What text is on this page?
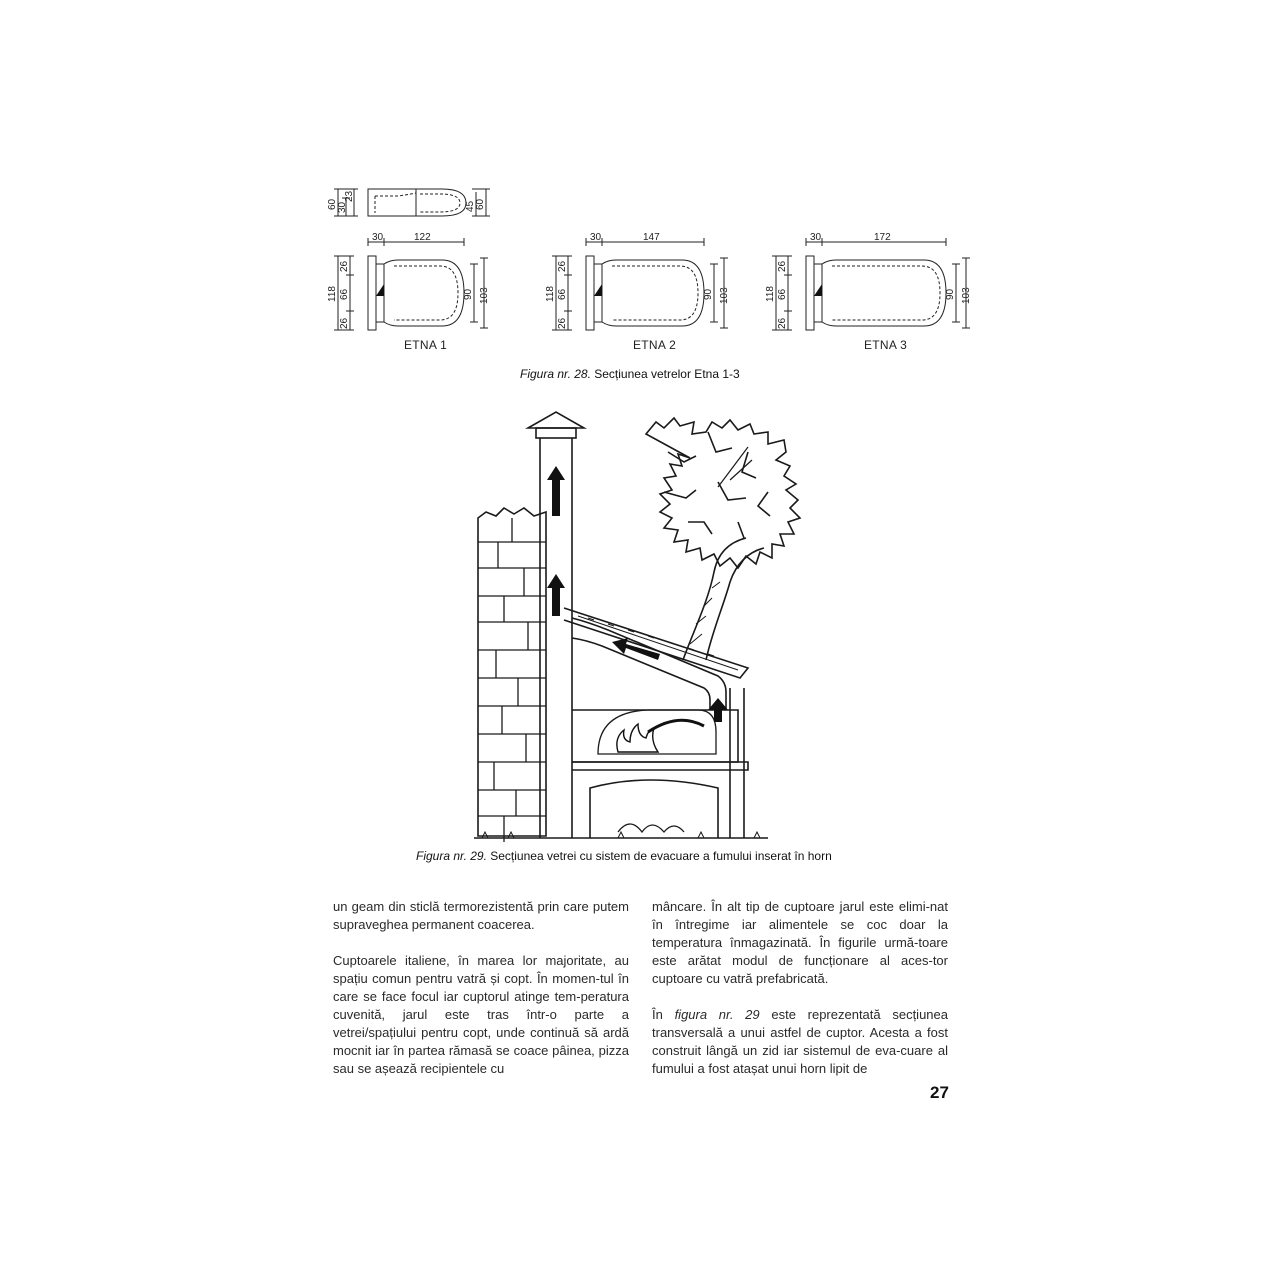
60 30
23
45 60
118
26
66
26
30	122
90 103
ETNA 1
118
26
66
26
30	147
90 103
ETNA 2
118
26
66
26
30	172
90 103
ETNA 3
Figura nr. 28. Secțiunea vetrelor Etna 1-3
Figura nr. 29. Secțiunea vetrei cu sistem de evacuare a fumului inserat în horn

un geam din sticlă termorezistentă prin care putem supraveghea permanent coacerea.

Cuptoarele italiene, în marea lor majoritate, au spațiu comun pentru vatră și copt. În momen-tul în care se face focul iar cuptorul atinge tem-peratura cuvenită, jarul este tras într-o parte a vetrei/spațiului pentru copt, unde continuă să ardă mocnit iar în partea rămasă se coace pâinea, pizza sau se așează recipientele cu

mâncare. În alt tip de cuptoare jarul este elimi-nat în întregime iar alimentele se coc doar la temperatura înmagazinată. În figurile urmă-toare este arătat modul de funcționare al aces-tor cuptoare cu vatră prefabricată.

În figura nr. 29 este reprezentată secțiunea transversală a unui astfel de cuptor. Acesta a fost construit lângă un zid iar sistemul de eva-cuare al fumului a fost atașat unui horn lipit de

27
